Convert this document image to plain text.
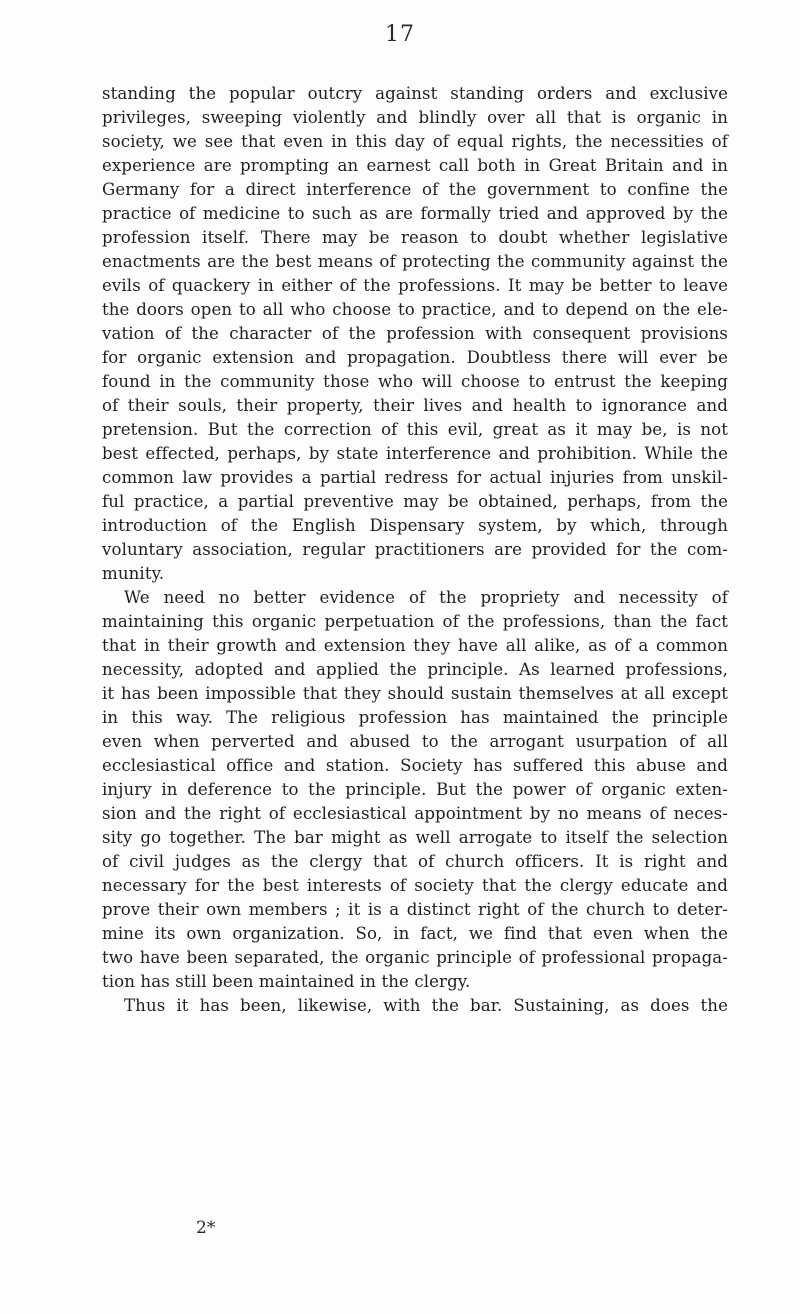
17
standing the popular outcry against standing orders and exclusive
privileges, sweeping violently and blindly over all that is organic in
society, we see that even in this day of equal rights, the necessities of
experience are prompting an earnest call both in Great Britain and in
Germany for a direct interference of the government to confine the
practice of medicine to such as are formally tried and approved by the
profession itself. There may be reason to doubt whether legislative
enactments are the best means of protecting the community against the
evils of quackery in either of the professions. It may be better to leave
the doors open to all who choose to practice, and to depend on the ele-
vation of the character of the profession with consequent provisions
for organic extension and propagation. Doubtless there will ever be
found in the community those who will choose to entrust the keeping
of their souls, their property, their lives and health to ignorance and
pretension. But the correction of this evil, great as it may be, is not
best effected, perhaps, by state interference and prohibition. While the
common law provides a partial redress for actual injuries from unskil-
ful practice, a partial preventive may be obtained, perhaps, from the
introduction of the English Dispensary system, by which, through
voluntary association, regular practitioners are provided for the com-
munity.
We need no better evidence of the propriety and necessity of
maintaining this organic perpetuation of the professions, than the fact
that in their growth and extension they have all alike, as of a common
necessity, adopted and applied the principle. As learned professions,
it has been impossible that they should sustain themselves at all except
in this way. The religious profession has maintained the principle
even when perverted and abused to the arrogant usurpation of all
ecclesiastical office and station. Society has suffered this abuse and
injury in deference to the principle. But the power of organic exten-
sion and the right of ecclesiastical appointment by no means of neces-
sity go together. The bar might as well arrogate to itself the selection
of civil judges as the clergy that of church officers. It is right and
necessary for the best interests of society that the clergy educate and
prove their own members ; it is a distinct right of the church to deter-
mine its own organization. So, in fact, we find that even when the
two have been separated, the organic principle of professional propaga-
tion has still been maintained in the clergy.
Thus it has been, likewise, with the bar. Sustaining, as does the
2*
